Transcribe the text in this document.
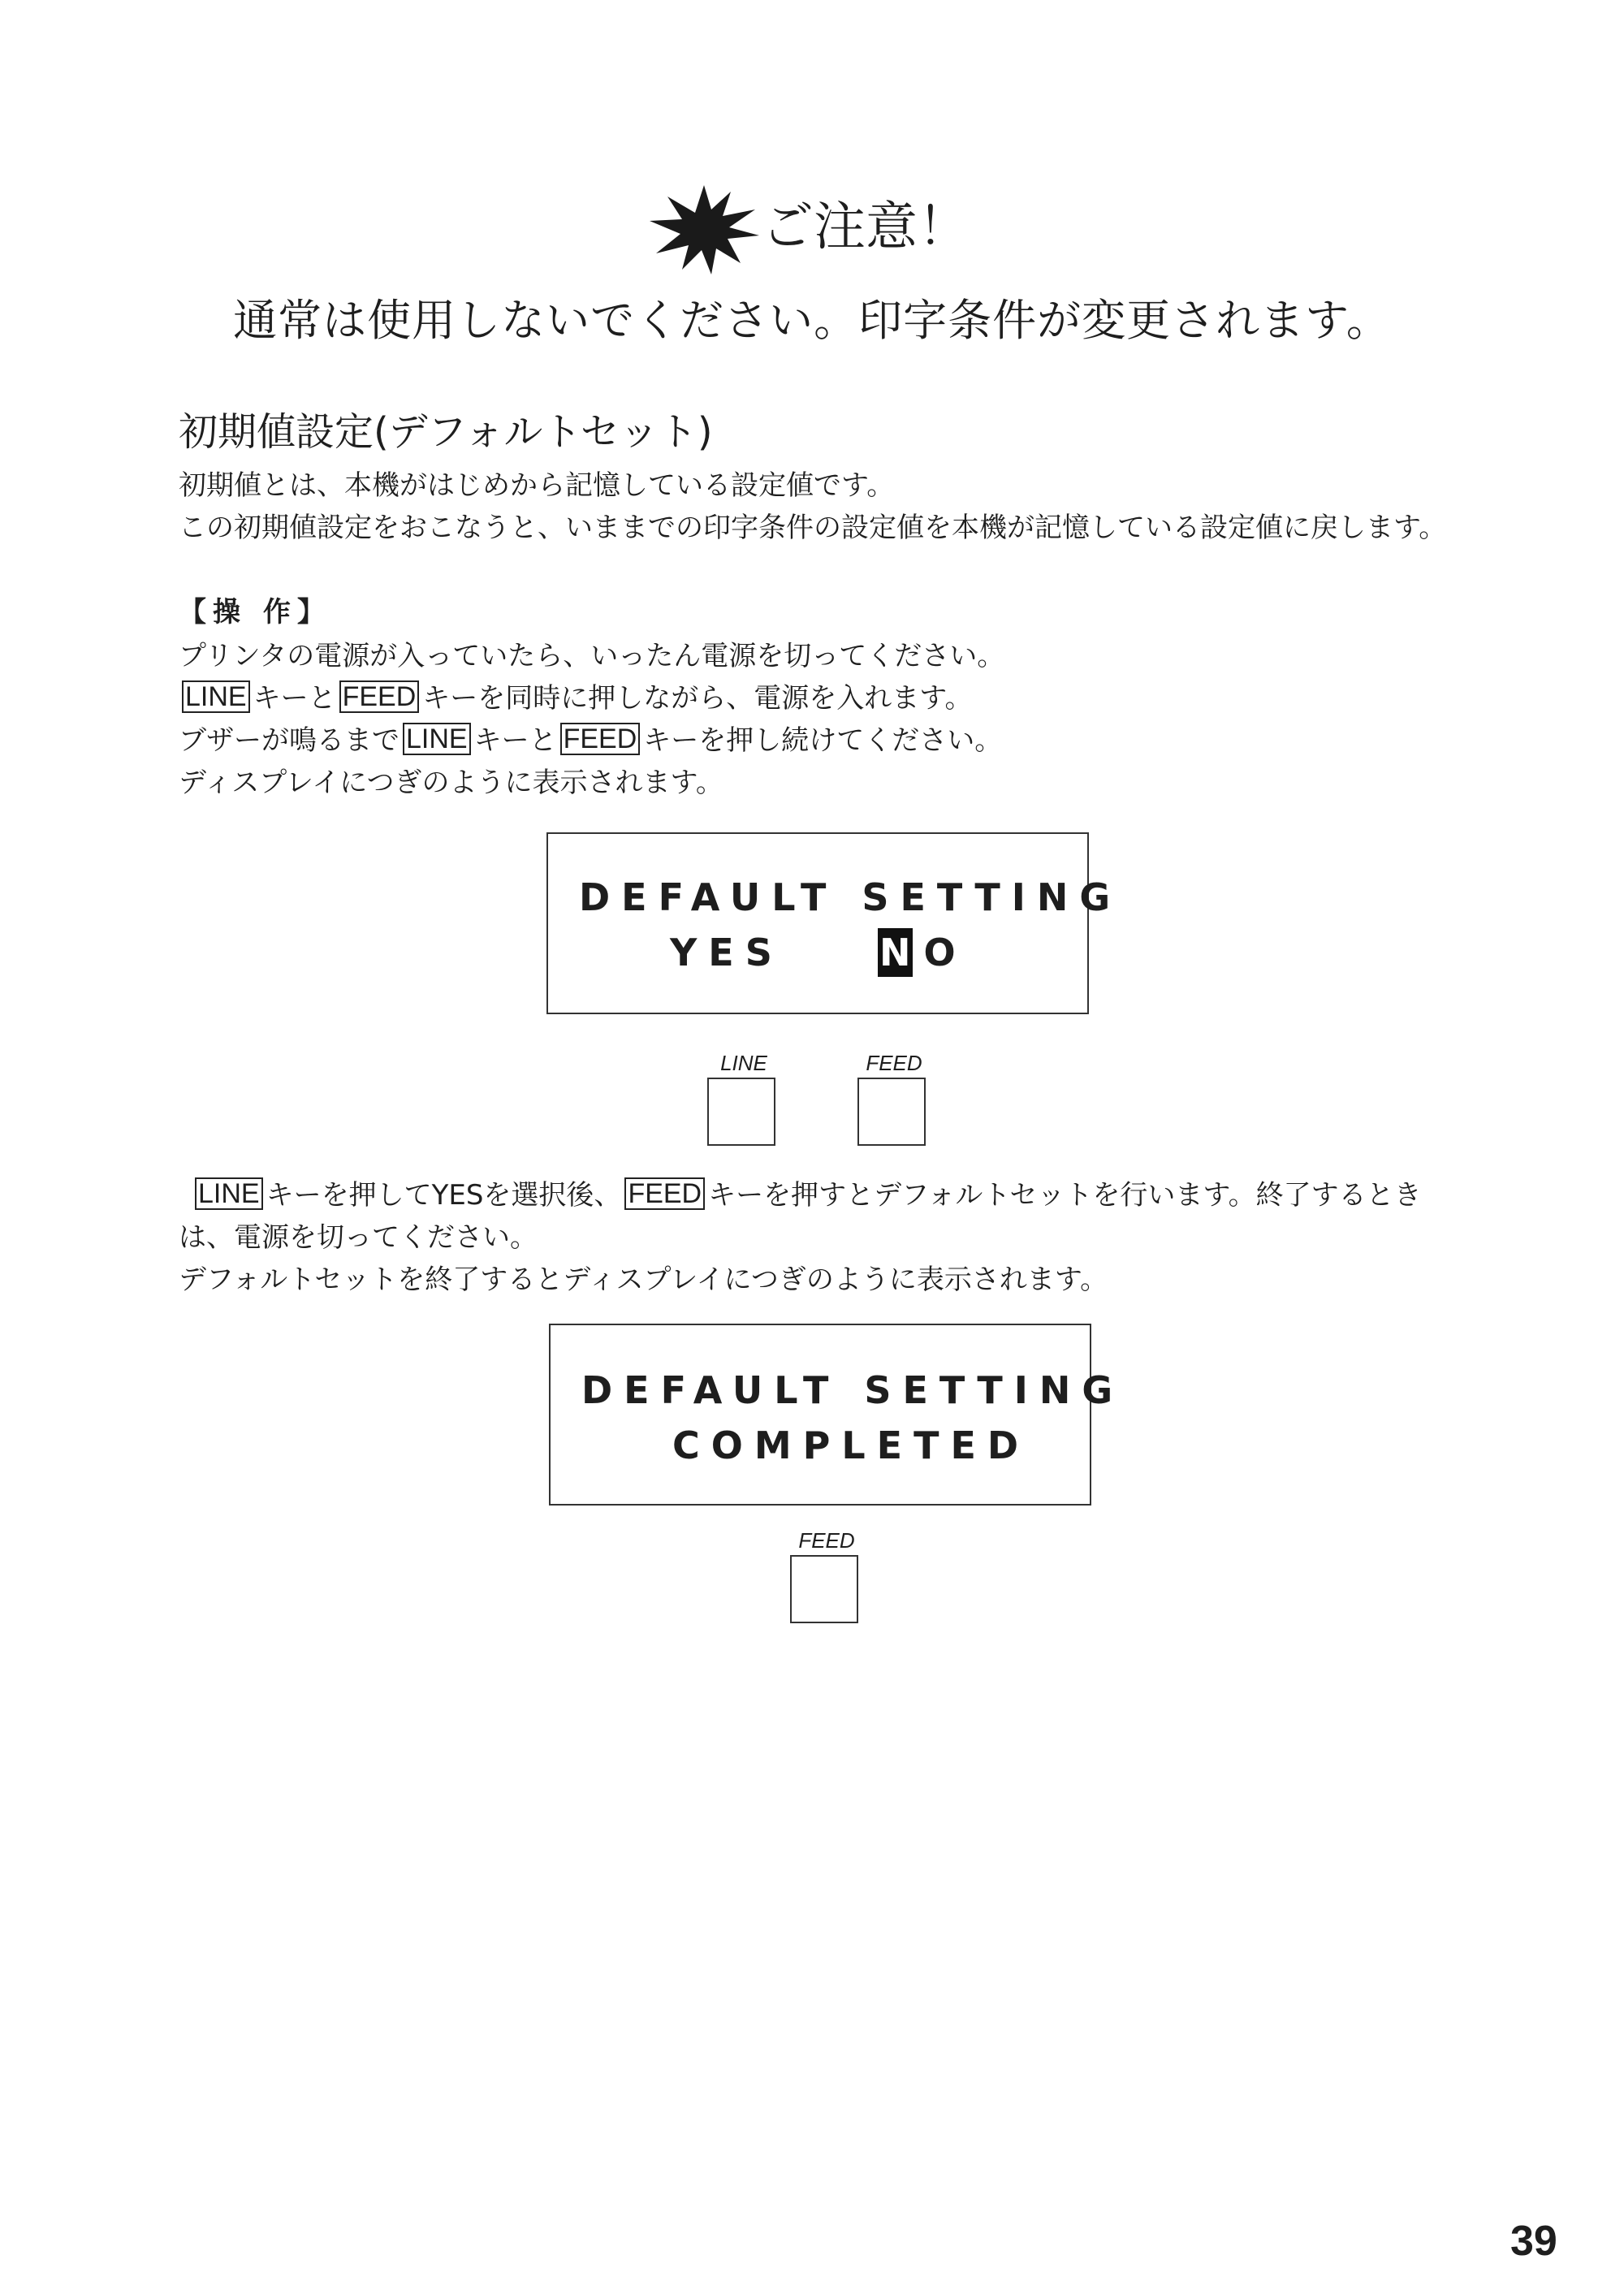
ご注意！
通常は使用しないでください。印字条件が変更されます。
初期値設定(デフォルトセット)
初期値とは、本機がはじめから記憶している設定値です。
この初期値設定をおこなうと、いままでの印字条件の設定値を本機が記憶している設定値に戻します。
【操 作】
プリンタの電源が入っていたら、いったん電源を切ってください。
LINE キーと FEED キーを同時に押しながら、電源を入れます。
ブザーが鳴るまで LINE キーと FEED キーを押し続けてください。
ディスプレイにつぎのように表示されます。
DEFAULT SETTING
YES	N O
LINE	FEED
LINE キーを押してYESを選択後、 FEED キーを押すとデフォルトセットを行います。終了するとき
は、電源を切ってください。
デフォルトセットを終了するとディスプレイにつぎのように表示されます。
DEFAULT SETTING
COMPLETED
FEED
39
